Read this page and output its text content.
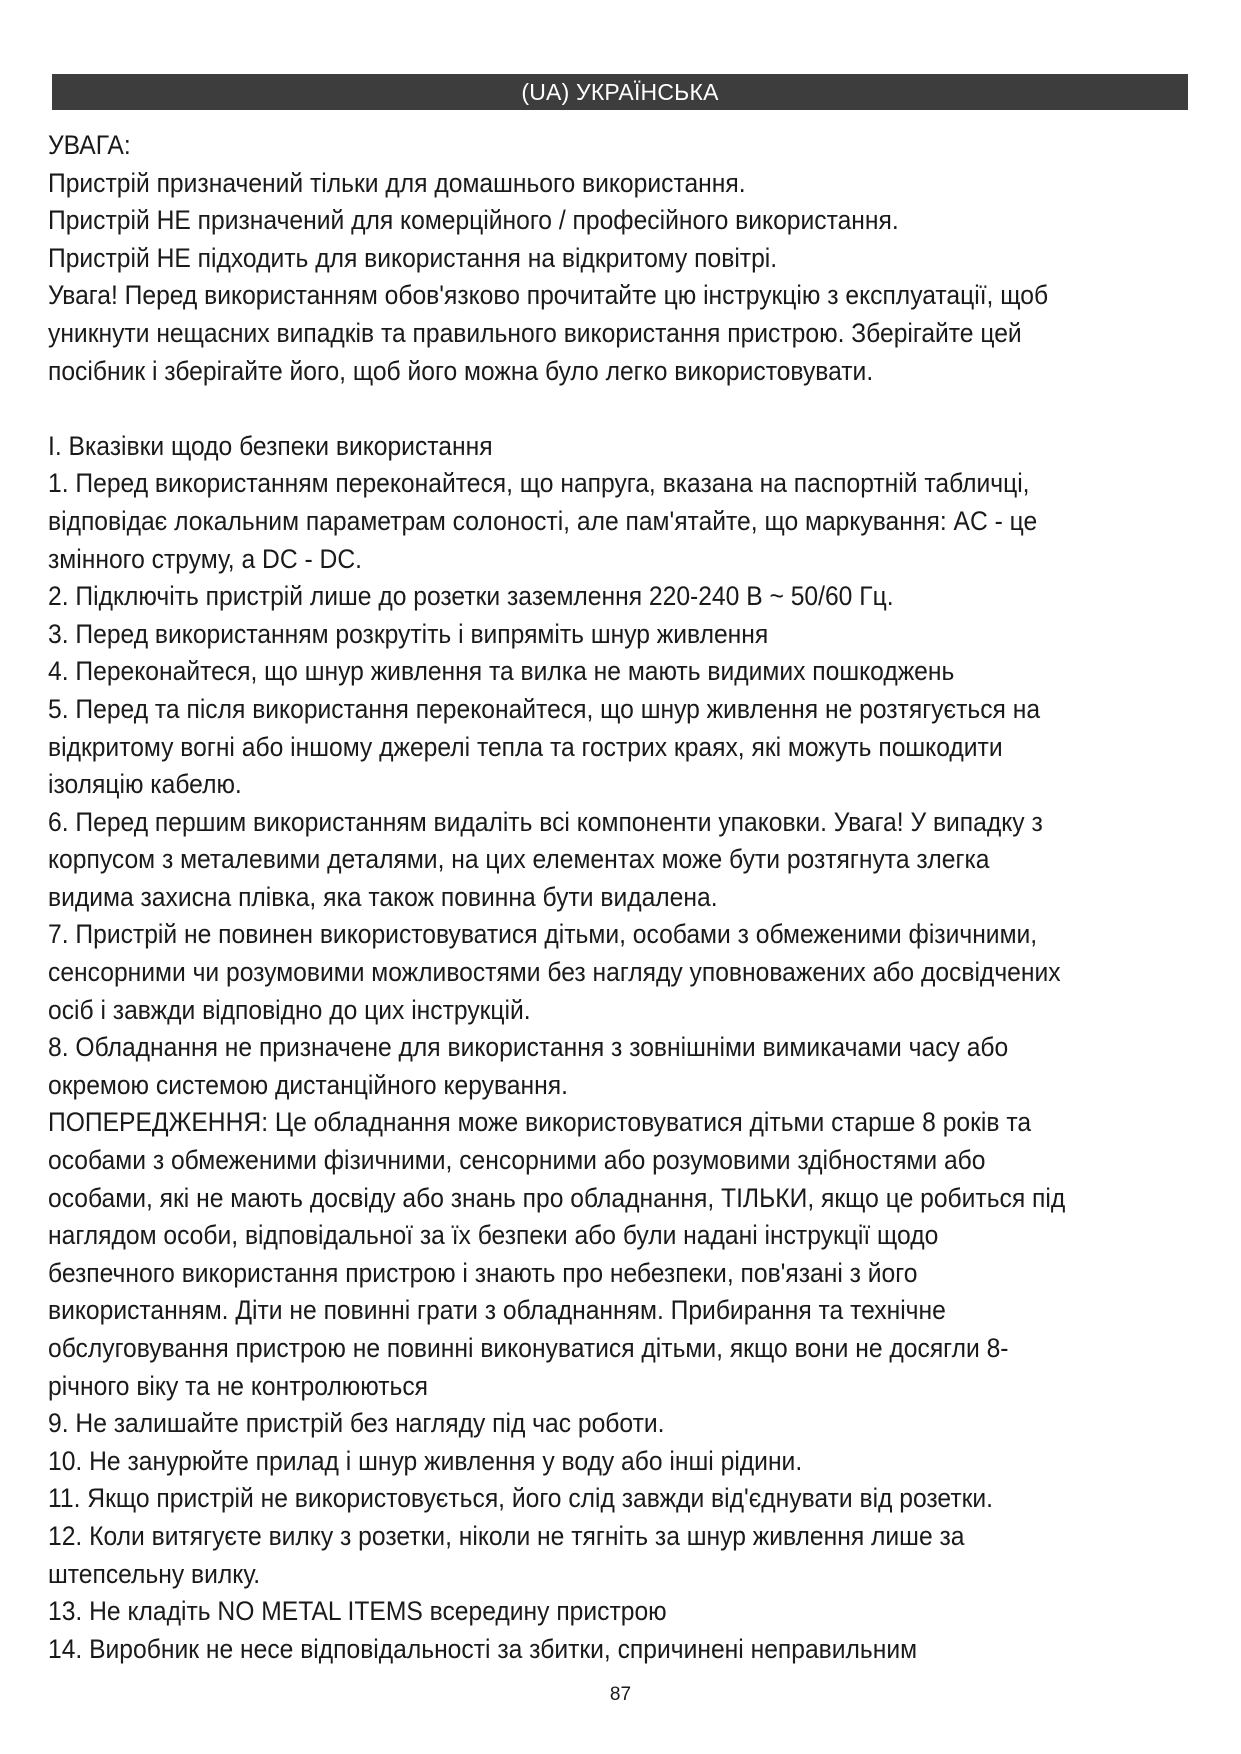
(UA) УКРАЇНСЬКА

УВАГА:

Пристрій призначений тільки для домашнього використання.

Пристрій НЕ призначений для комерційного / професійного використання.

Пристрій НЕ підходить для використання на відкритому повітрі.

Увага! Перед використанням обов'язково прочитайте цю інструкцію з експлуатації, щоб

уникнути нещасних випадків та правильного використання пристрою. Зберігайте цей

посібник і зберігайте його, щоб його можна було легко використовувати.

I. Вказівки щодо безпеки використання

1. Перед використанням переконайтеся, що напруга, вказана на паспортній табличці,

відповідає локальним параметрам солоності, але пам'ятайте, що маркування: AC - це

змінного струму, а DC - DC.

2. Підключіть пристрій лише до розетки заземлення 220-240 В ~ 50/60 Гц.

3. Перед використанням розкрутіть і випряміть шнур живлення

4. Переконайтеся, що шнур живлення та вилка не мають видимих ​​пошкоджень

5. Перед та після використання переконайтеся, що шнур живлення не розтягується на

відкритому вогні або іншому джерелі тепла та гострих краях, які можуть пошкодити

ізоляцію кабелю.

6. Перед першим використанням видаліть всі компоненти упаковки. Увага! У випадку з

корпусом з металевими деталями, на цих елементах може бути розтягнута злегка

видима захисна плівка, яка також повинна бути видалена.

7. Пристрій не повинен використовуватися дітьми, особами з обмеженими фізичними,

сенсорними чи розумовими можливостями без нагляду уповноважених або досвідчених

осіб і завжди відповідно до цих інструкцій.

8. Обладнання не призначене для використання з зовнішніми вимикачами часу або

окремою системою дистанційного керування.

ПОПЕРЕДЖЕННЯ: Це обладнання може використовуватися дітьми старше 8 років та

особами з обмеженими фізичними, сенсорними або розумовими здібностями або

особами, які не мають досвіду або знань про обладнання, ТІЛЬКИ, якщо це робиться під

наглядом особи, відповідальної за їх безпеки або були надані інструкції щодо

безпечного використання пристрою і знають про небезпеки, пов'язані з його

використанням. Діти не повинні грати з обладнанням. Прибирання та технічне

обслуговування пристрою не повинні виконуватися дітьми, якщо вони не досягли 8-

річного віку та не контролюються

9. Не залишайте пристрій без нагляду під час роботи.

10. Не занурюйте прилад і шнур живлення у воду або інші рідини.

11. Якщо пристрій не використовується, його слід завжди від'єднувати від розетки.

12. Коли витягуєте вилку з розетки, ніколи не тягніть за шнур живлення лише за

штепсельну вилку.

13. Не кладіть NO METAL ITEMS всередину пристрою

14. Виробник не несе відповідальності за збитки, спричинені неправильним

87
